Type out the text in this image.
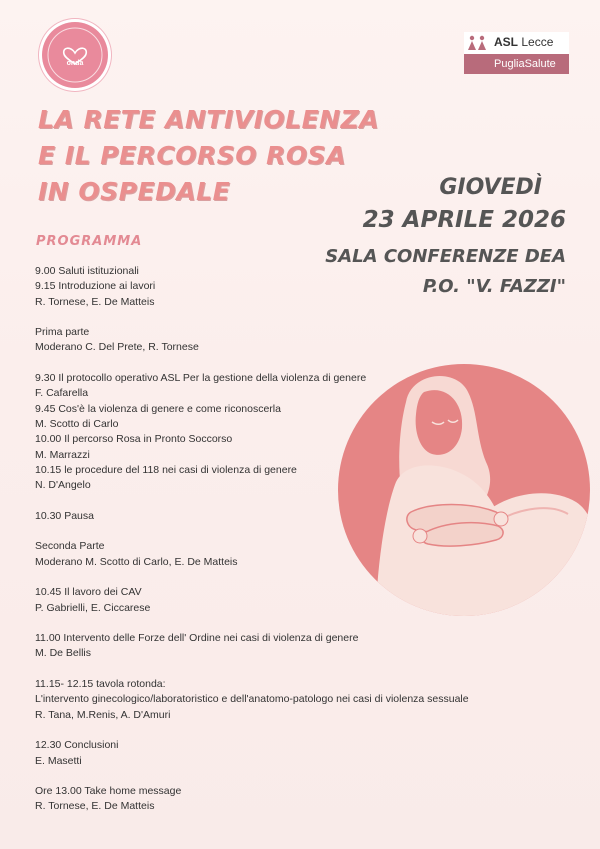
onda
ASL Lecce
PugliaSalute
LA RETE ANTIVIOLENZA
E IL PERCORSO ROSA
IN OSPEDALE	GIOVEDÌ
23 APRILE 2026
SALA CONFERENZE DEA
P.O. "V. FAZZI"
PROGRAMMA
9.00 Saluti istituzionali
9.15 Introduzione ai lavori
R. Tornese, E. De Matteis
Prima parte
Moderano C. Del Prete, R. Tornese
9.30 Il protocollo operativo ASL Per la gestione della violenza di genere
F. Cafarella
9.45 Cos'è la violenza di genere e come riconoscerla
M. Scotto di Carlo
10.00 Il percorso Rosa in Pronto Soccorso
M. Marrazzi
10.15 le procedure del 118 nei casi di violenza di genere
N. D'Angelo
10.30 Pausa
Seconda Parte
Moderano M. Scotto di Carlo, E. De Matteis
10.45 Il lavoro dei CAV
P. Gabrielli, E. Ciccarese
11.00 Intervento delle Forze dell' Ordine nei casi di violenza di genere
M. De Bellis
11.15- 12.15 tavola rotonda:
L'intervento ginecologico/laboratoristico e dell'anatomo-patologo nei casi di violenza sessuale
R. Tana, M.Renis, A. D'Amuri
12.30 Conclusioni
E. Masetti
Ore 13.00 Take home message
R. Tornese, E. De Matteis
